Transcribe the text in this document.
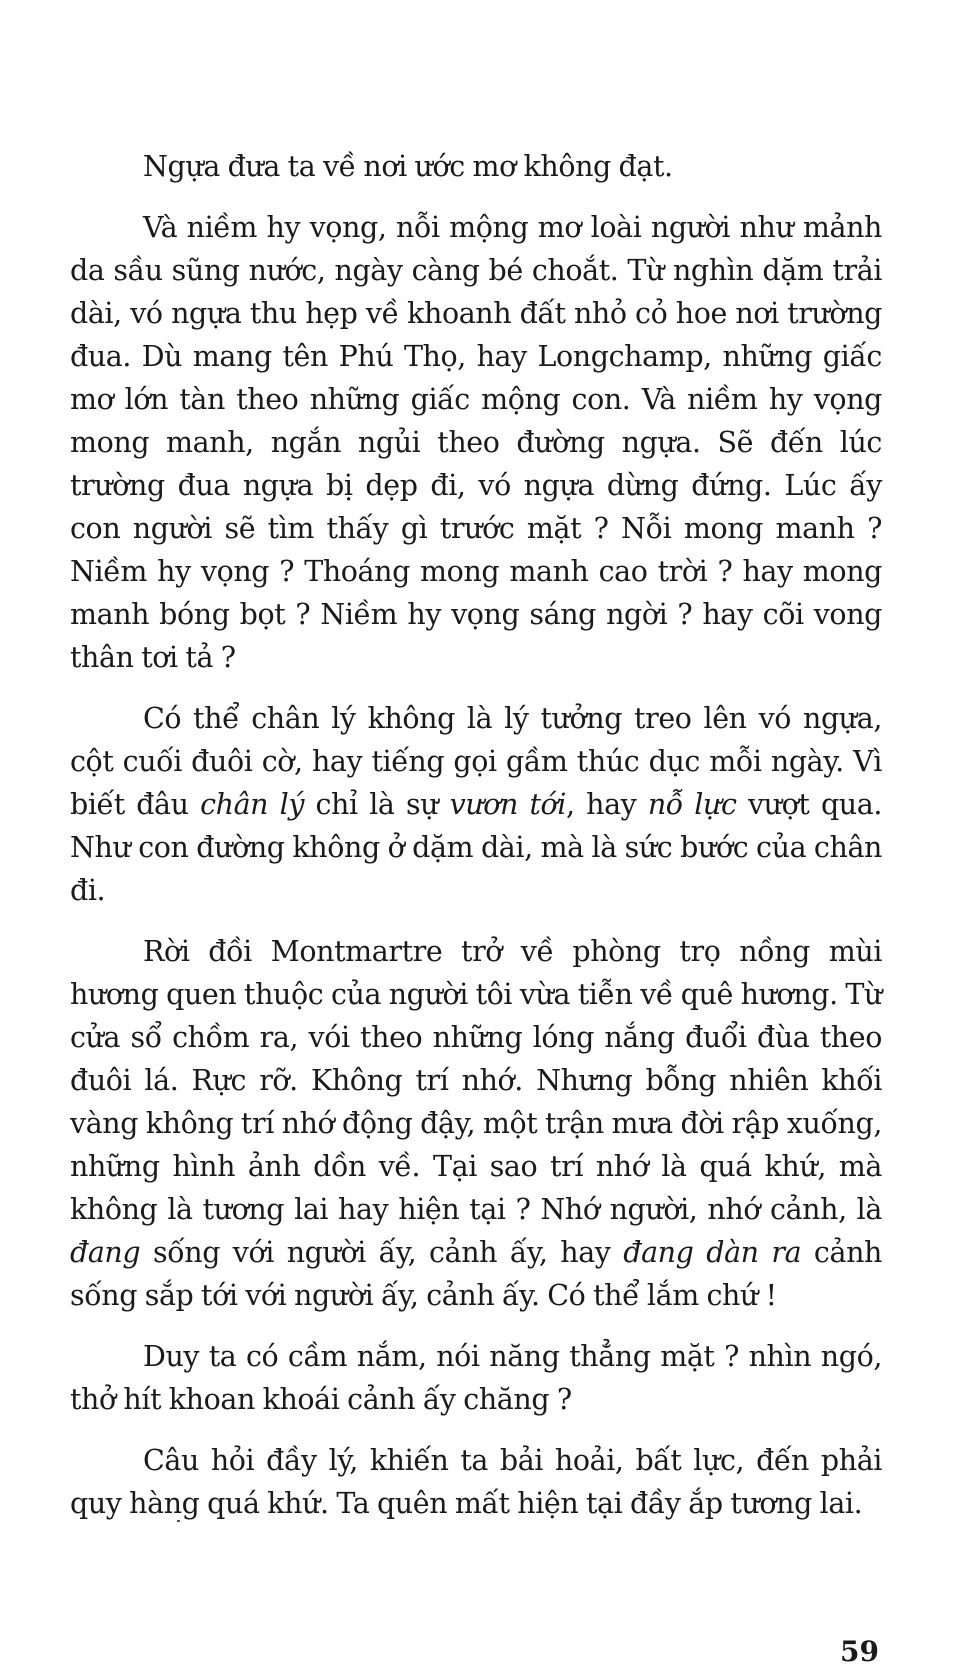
Ngựa đưa ta về nơi ước mơ không đạt.

Và niềm hy vọng, nỗi mộng mơ loài người như mảnh da sầu sũng nước, ngày càng bé choắt. Từ nghìn dặm trải dài, vó ngựa thu hẹp về khoanh đất nhỏ cỏ hoe nơi trường đua. Dù mang tên Phú Thọ, hay Longchamp, những giấc mơ lớn tàn theo những giấc mộng con. Và niềm hy vọng mong manh, ngắn ngủi theo đường ngựa. Sẽ đến lúc trường đua ngựa bị dẹp đi, vó ngựa dừng đứng. Lúc ấy con người sẽ tìm thấy gì trước mặt ? Nỗi mong manh ? Niềm hy vọng ? Thoáng mong manh cao trời ? hay mong manh bóng bọt ? Niềm hy vọng sáng ngời ? hay cõi vong thân tơi tả ?

Có thể chân lý không là lý tưởng treo lên vó ngựa, cột cuối đuôi cờ, hay tiếng gọi gầm thúc dục mỗi ngày. Vì biết đâu chân lý chỉ là sự vươn tới, hay nỗ lực vượt qua. Như con đường không ở dặm dài, mà là sức bước của chân đi.

Rời đồi Montmartre trở về phòng trọ nồng mùi hương quen thuộc của người tôi vừa tiễn về quê hương. Từ cửa sổ chồm ra, vói theo những lóng nắng đuổi đùa theo đuôi lá. Rực rỡ. Không trí nhớ. Nhưng bỗng nhiên khối vàng không trí nhớ động đậy, một trận mưa đời rập xuống, những hình ảnh dồn về. Tại sao trí nhớ là quá khứ, mà không là tương lai hay hiện tại ? Nhớ người, nhớ cảnh, là đang sống với người ấy, cảnh ấy, hay đang dàn ra cảnh sống sắp tới với người ấy, cảnh ấy. Có thể lắm chứ !

Duy ta có cầm nắm, nói năng thẳng mặt ? nhìn ngó, thở hít khoan khoái cảnh ấy chăng ?

Câu hỏi đầy lý, khiến ta bải hoải, bất lực, đến phải quy hàng quá khứ. Ta quên mất hiện tại đầy ắp tương lai.

59
